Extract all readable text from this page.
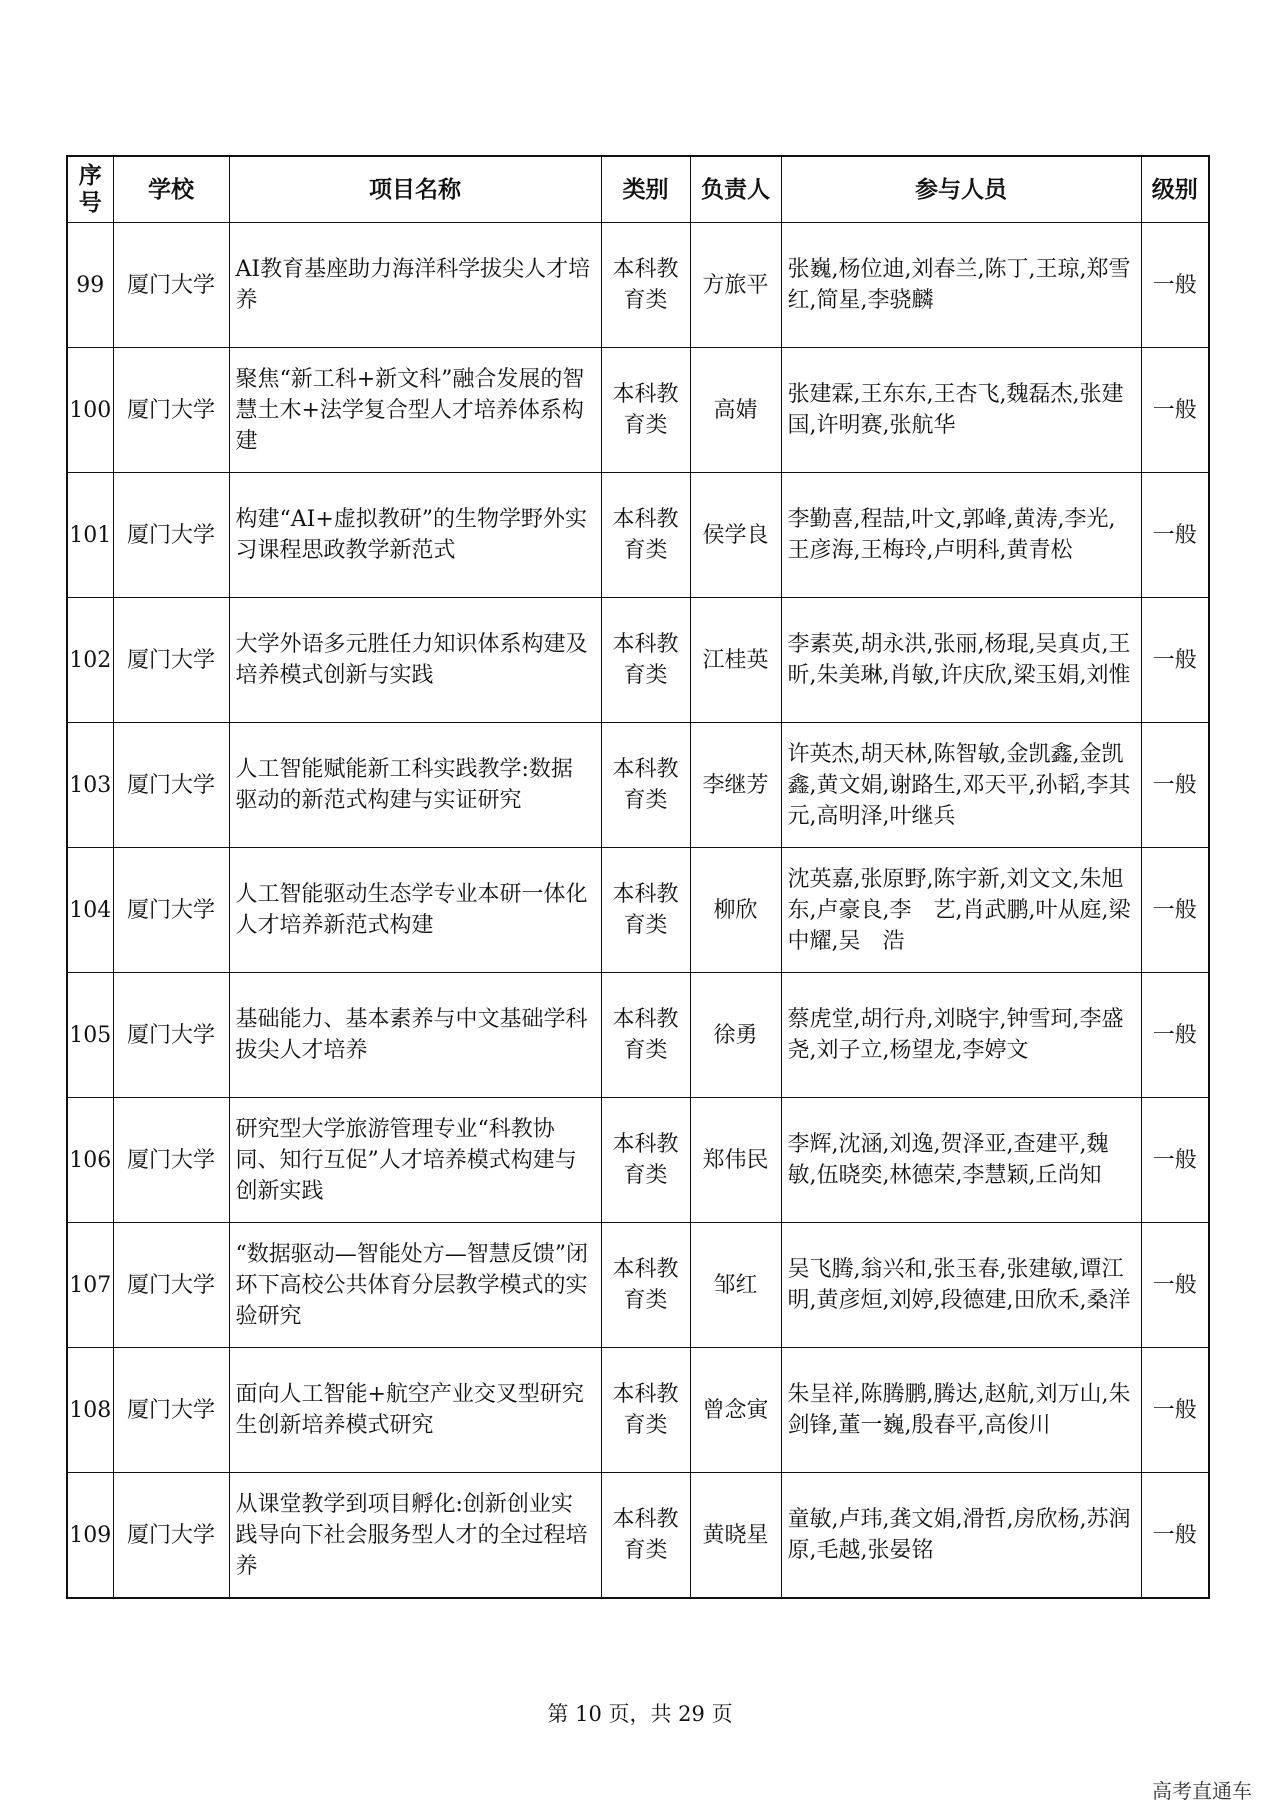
序号	学校	项目名称	类别	负责人	参与人员	级别
99	厦门大学	AI教育基座助力海洋科学拔尖人才培养	本科教育类	方旅平	张巍,杨位迪,刘春兰,陈丁,王琼,郑雪红,简星,李骁麟	一般
100	厦门大学	聚焦“新工科+新文科”融合发展的智慧土木+法学复合型人才培养体系构建	本科教育类	高婧	张建霖,王东东,王杏飞,魏磊杰,张建国,许明赛,张航华	一般
101	厦门大学	构建“AI+虚拟教研”的生物学野外实习课程思政教学新范式	本科教育类	侯学良	李勤喜,程喆,叶文,郭峰,黄涛,李光,王彦海,王梅玲,卢明科,黄青松	一般
102	厦门大学	大学外语多元胜任力知识体系构建及培养模式创新与实践	本科教育类	江桂英	李素英,胡永洪,张丽,杨琨,吴真贞,王昕,朱美琳,肖敏,许庆欣,梁玉娟,刘惟	一般
103	厦门大学	人工智能赋能新工科实践教学:数据驱动的新范式构建与实证研究	本科教育类	李继芳	许英杰,胡天林,陈智敏,金凯鑫,金凯鑫,黄文娟,谢路生,邓天平,孙韬,李其元,高明泽,叶继兵	一般
104	厦门大学	人工智能驱动生态学专业本研一体化人才培养新范式构建	本科教育类	柳欣	沈英嘉,张原野,陈宇新,刘文文,朱旭东,卢豪良,李　艺,肖武鹏,叶从庭,梁中耀,吴　浩	一般
105	厦门大学	基础能力、基本素养与中文基础学科拔尖人才培养	本科教育类	徐勇	蔡虎堂,胡行舟,刘晓宇,钟雪珂,李盛尧,刘子立,杨望龙,李婷文	一般
106	厦门大学	研究型大学旅游管理专业“科教协同、知行互促”人才培养模式构建与创新实践	本科教育类	郑伟民	李辉,沈涵,刘逸,贺泽亚,查建平,魏敏,伍晓奕,林德荣,李慧颖,丘尚知	一般
107	厦门大学	“数据驱动—智能处方—智慧反馈”闭环下高校公共体育分层教学模式的实验研究	本科教育类	邹红	吴飞腾,翁兴和,张玉春,张建敏,谭江明,黄彦烜,刘婷,段德建,田欣禾,桑洋	一般
108	厦门大学	面向人工智能+航空产业交叉型研究生创新培养模式研究	本科教育类	曾念寅	朱呈祥,陈腾鹏,腾达,赵航,刘万山,朱剑锋,董一巍,殷春平,高俊川	一般
109	厦门大学	从课堂教学到项目孵化:创新创业实践导向下社会服务型人才的全过程培养	本科教育类	黄晓星	童敏,卢玮,龚文娟,滑哲,房欣杨,苏润原,毛越,张晏铭	一般
第 10 页，共 29 页
高考直通车
